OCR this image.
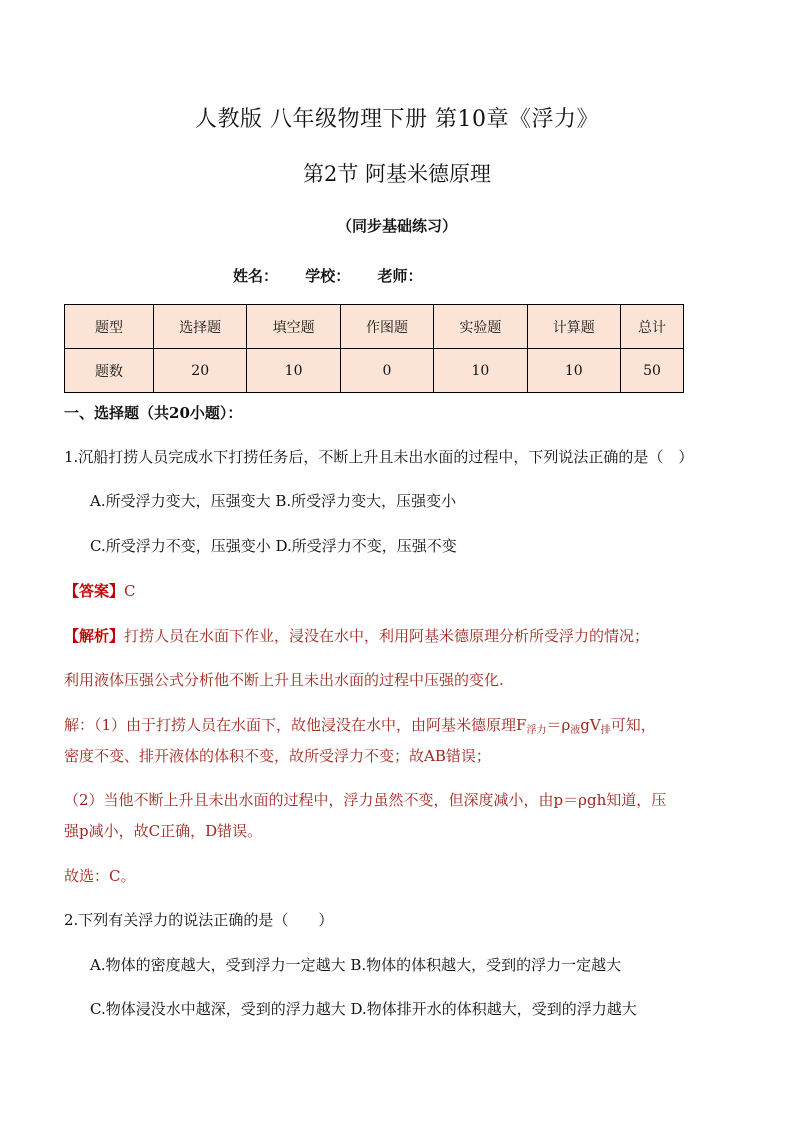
人教版 八年级物理下册 第10章《浮力》
第2节 阿基米德原理
（同步基础练习）
姓名： 学校： 老师：
题型	选择题	填空题	作图题	实验题	计算题	总计
题数	20	10	0	10	10	50
一、选择题（共20小题）：
1.沉船打捞人员完成水下打捞任务后，不断上升且未出水面的过程中，下列说法正确的是（　）
A.所受浮力变大，压强变大 B.所受浮力变大，压强变小
C.所受浮力不变，压强变小 D.所受浮力不变，压强不变
【答案】C
【解析】打捞人员在水面下作业，浸没在水中，利用阿基米德原理分析所受浮力的情况；
利用液体压强公式分析他不断上升且未出水面的过程中压强的变化.
解：（1）由于打捞人员在水面下，故他浸没在水中，由阿基米德原理$F_{浮力}=\rho_液gV_排$可知，
密度不变、排开液体的体积不变，故所受浮力不变；故AB错误；
（2）当他不断上升且未出水面的过程中，浮力虽然不变，但深度减小，由p＝ρgh知道，压
强p减小，故C正确，D错误。
故选：C。
2.下列有关浮力的说法正确的是（　　）
A.物体的密度越大，受到浮力一定越大 B.物体的体积越大，受到的浮力一定越大
C.物体浸没水中越深，受到的浮力越大 D.物体排开水的体积越大，受到的浮力越大
